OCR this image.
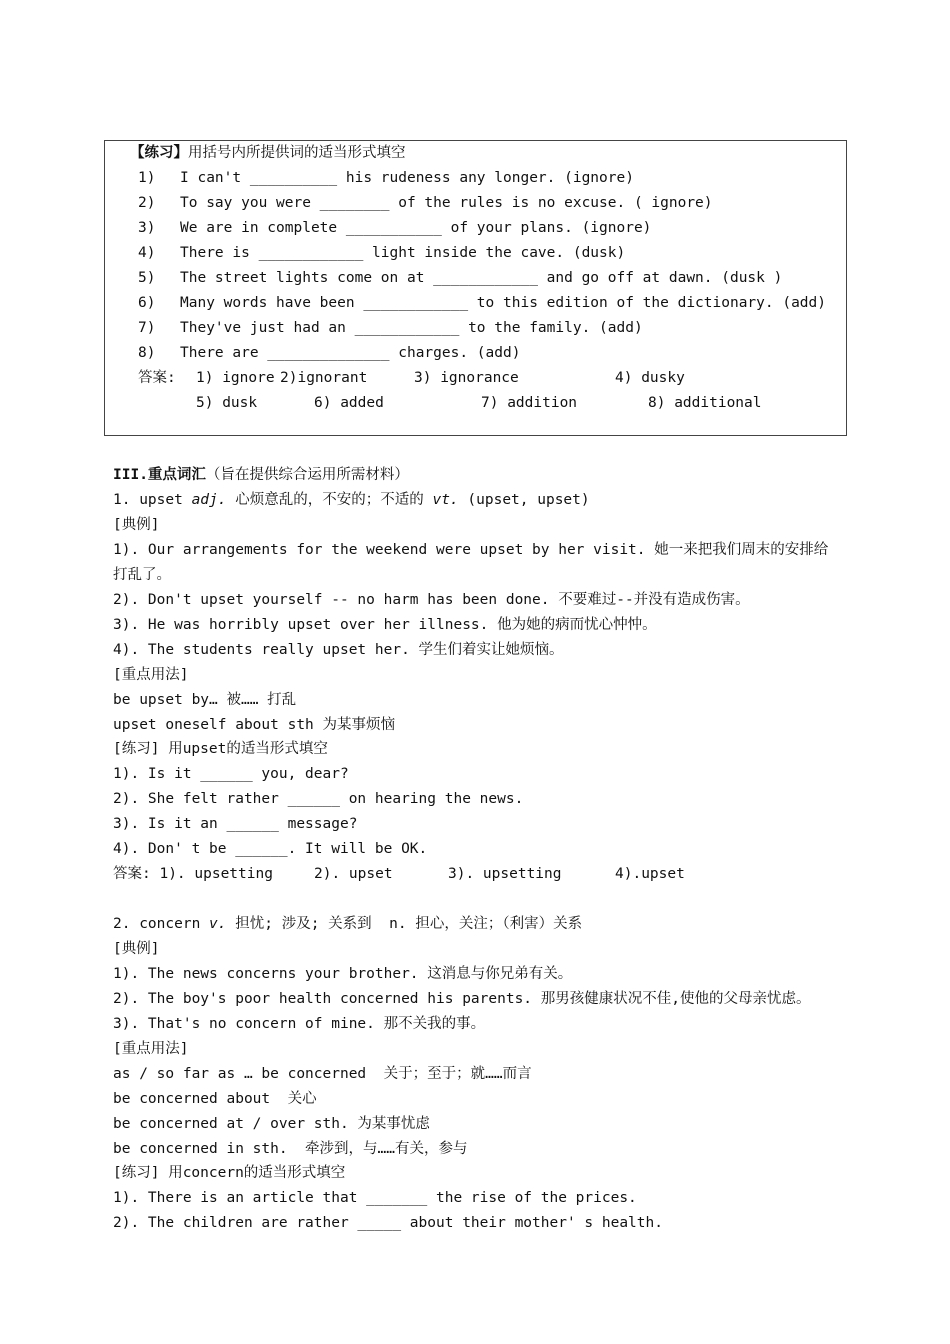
【练习】用括号内所提供词的适当形式填空
1) I can't __________ his rudeness any longer. (ignore)
2) To say you were ________ of the rules is no excuse. ( ignore)
3) We are in complete ___________ of your plans. (ignore)
4) There is ____________ light inside the cave. (dusk)
5) The street lights come on at ____________ and go off at dawn. (dusk )
6) Many words have been ____________ to this edition of the dictionary. (add)
7) They've just had an ____________ to the family. (add)
8) There are ______________ charges. (add)
答案: 1) ignore 2)ignorant	3) ignorance	4) dusky
5) dusk	6) added	7) addition	8) additional
III.重点词汇（旨在提供综合运用所需材料）
1. upset adj. 心烦意乱的，不安的；不适的 vt. (upset, upset)
[典例]
1). Our arrangements for the weekend were upset by her visit. 她一来把我们周末的安排给
打乱了。
2). Don't upset yourself -- no harm has been done. 不要难过--并没有造成伤害。
3). He was horribly upset over her illness. 他为她的病而忧心忡忡。
4). The students really upset her. 学生们着实让她烦恼。
[重点用法]
be upset by… 被…… 打乱
upset oneself about sth 为某事烦恼
[练习] 用upset的适当形式填空
1). Is it ______ you, dear?
2). She felt rather ______ on hearing the news.
3). Is it an ______ message?
4). Don' t be ______. It will be OK.
答案: 1). upsetting	2). upset	3). upsetting	4).upset
2. concern v. 担忧; 涉及; 关系到 n. 担心，关注；（利害）关系
[典例]
1). The news concerns your brother. 这消息与你兄弟有关。
2). The boy's poor health concerned his parents. 那男孩健康状况不佳,使他的父母亲忧虑。
3). That's no concern of mine. 那不关我的事。
[重点用法]
as / so far as … be concerned  关于；至于；就……而言
be concerned about  关心
be concerned at / over sth. 为某事忧虑
be concerned in sth.  牵涉到，与……有关，参与
[练习] 用concern的适当形式填空
1). There is an article that _______ the rise of the prices.
2). The children are rather _____ about their mother' s health.
